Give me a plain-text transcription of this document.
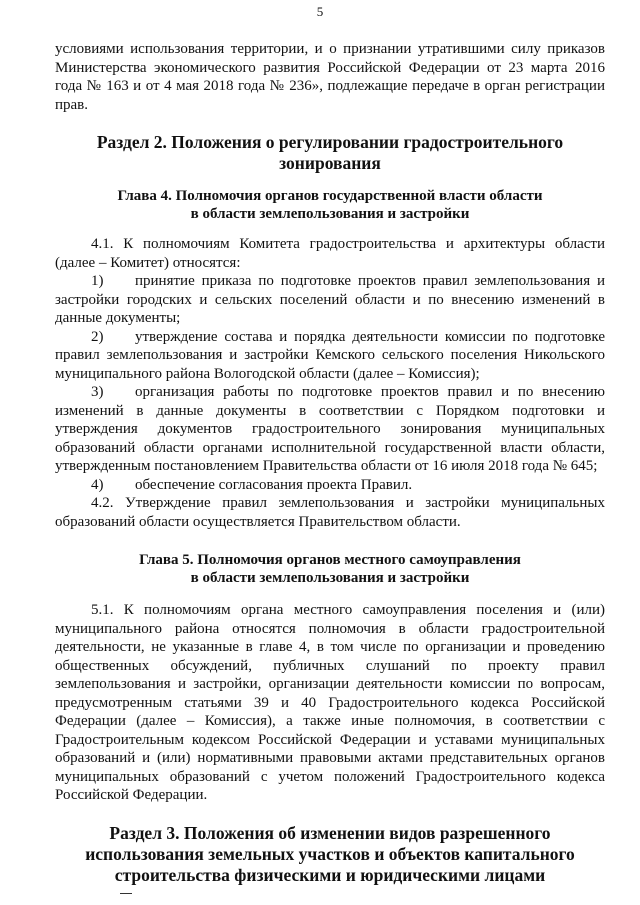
5

условиями использования территории, и о признании утратившими силу приказов Министерства экономического развития Российской Федерации от 23 марта 2016 года № 163 и от 4 мая 2018 года № 236», подлежащие передаче в орган регистрации прав.

Раздел 2. Положения о регулировании градостроительного
зонирования
Глава 4. Полномочия органов государственной власти области
в области землепользования и застройки

4.1. К полномочиям Комитета градостроительства и архитектуры области (далее – Комитет) относятся:

1) принятие приказа по подготовке проектов правил землепользования и застройки городских и сельских поселений области и по внесению изменений в данные документы;

2) утверждение состава и порядка деятельности комиссии по подготовке правил землепользования и застройки Кемского сельского поселения Никольского муниципального района Вологодской области (далее – Комиссия);

3) организация работы по подготовке проектов правил и по внесению изменений в данные документы в соответствии с Порядком подготовки и утверждения документов градостроительного зонирования муниципальных образований области органами исполнительной государственной власти области, утвержденным постановлением Правительства области от 16 июля 2018 года № 645;

4) обеспечение согласования проекта Правил.

4.2. Утверждение правил землепользования и застройки муниципальных образований области осуществляется Правительством области.

Глава 5. Полномочия органов местного самоуправления
в области землепользования и застройки

5.1. К полномочиям органа местного самоуправления поселения и (или) муниципального района относятся полномочия в области градостроительной деятельности, не указанные в главе 4, в том числе по организации и проведению общественных обсуждений, публичных слушаний по проекту правил землепользования и застройки, организации деятельности комиссии по вопросам, предусмотренным статьями 39 и 40 Градостроительного кодекса Российской Федерации (далее – Комиссия), а также иные полномочия, в соответствии с Градостроительным кодексом Российской Федерации и уставами муниципальных образований и (или) нормативными правовыми актами представительных органов муниципальных образований с учетом положений Градостроительного кодекса Российской Федерации.

Раздел 3. Положения об изменении видов разрешенного
использования земельных участков и объектов капитального
строительства физическими и юридическими лицами
